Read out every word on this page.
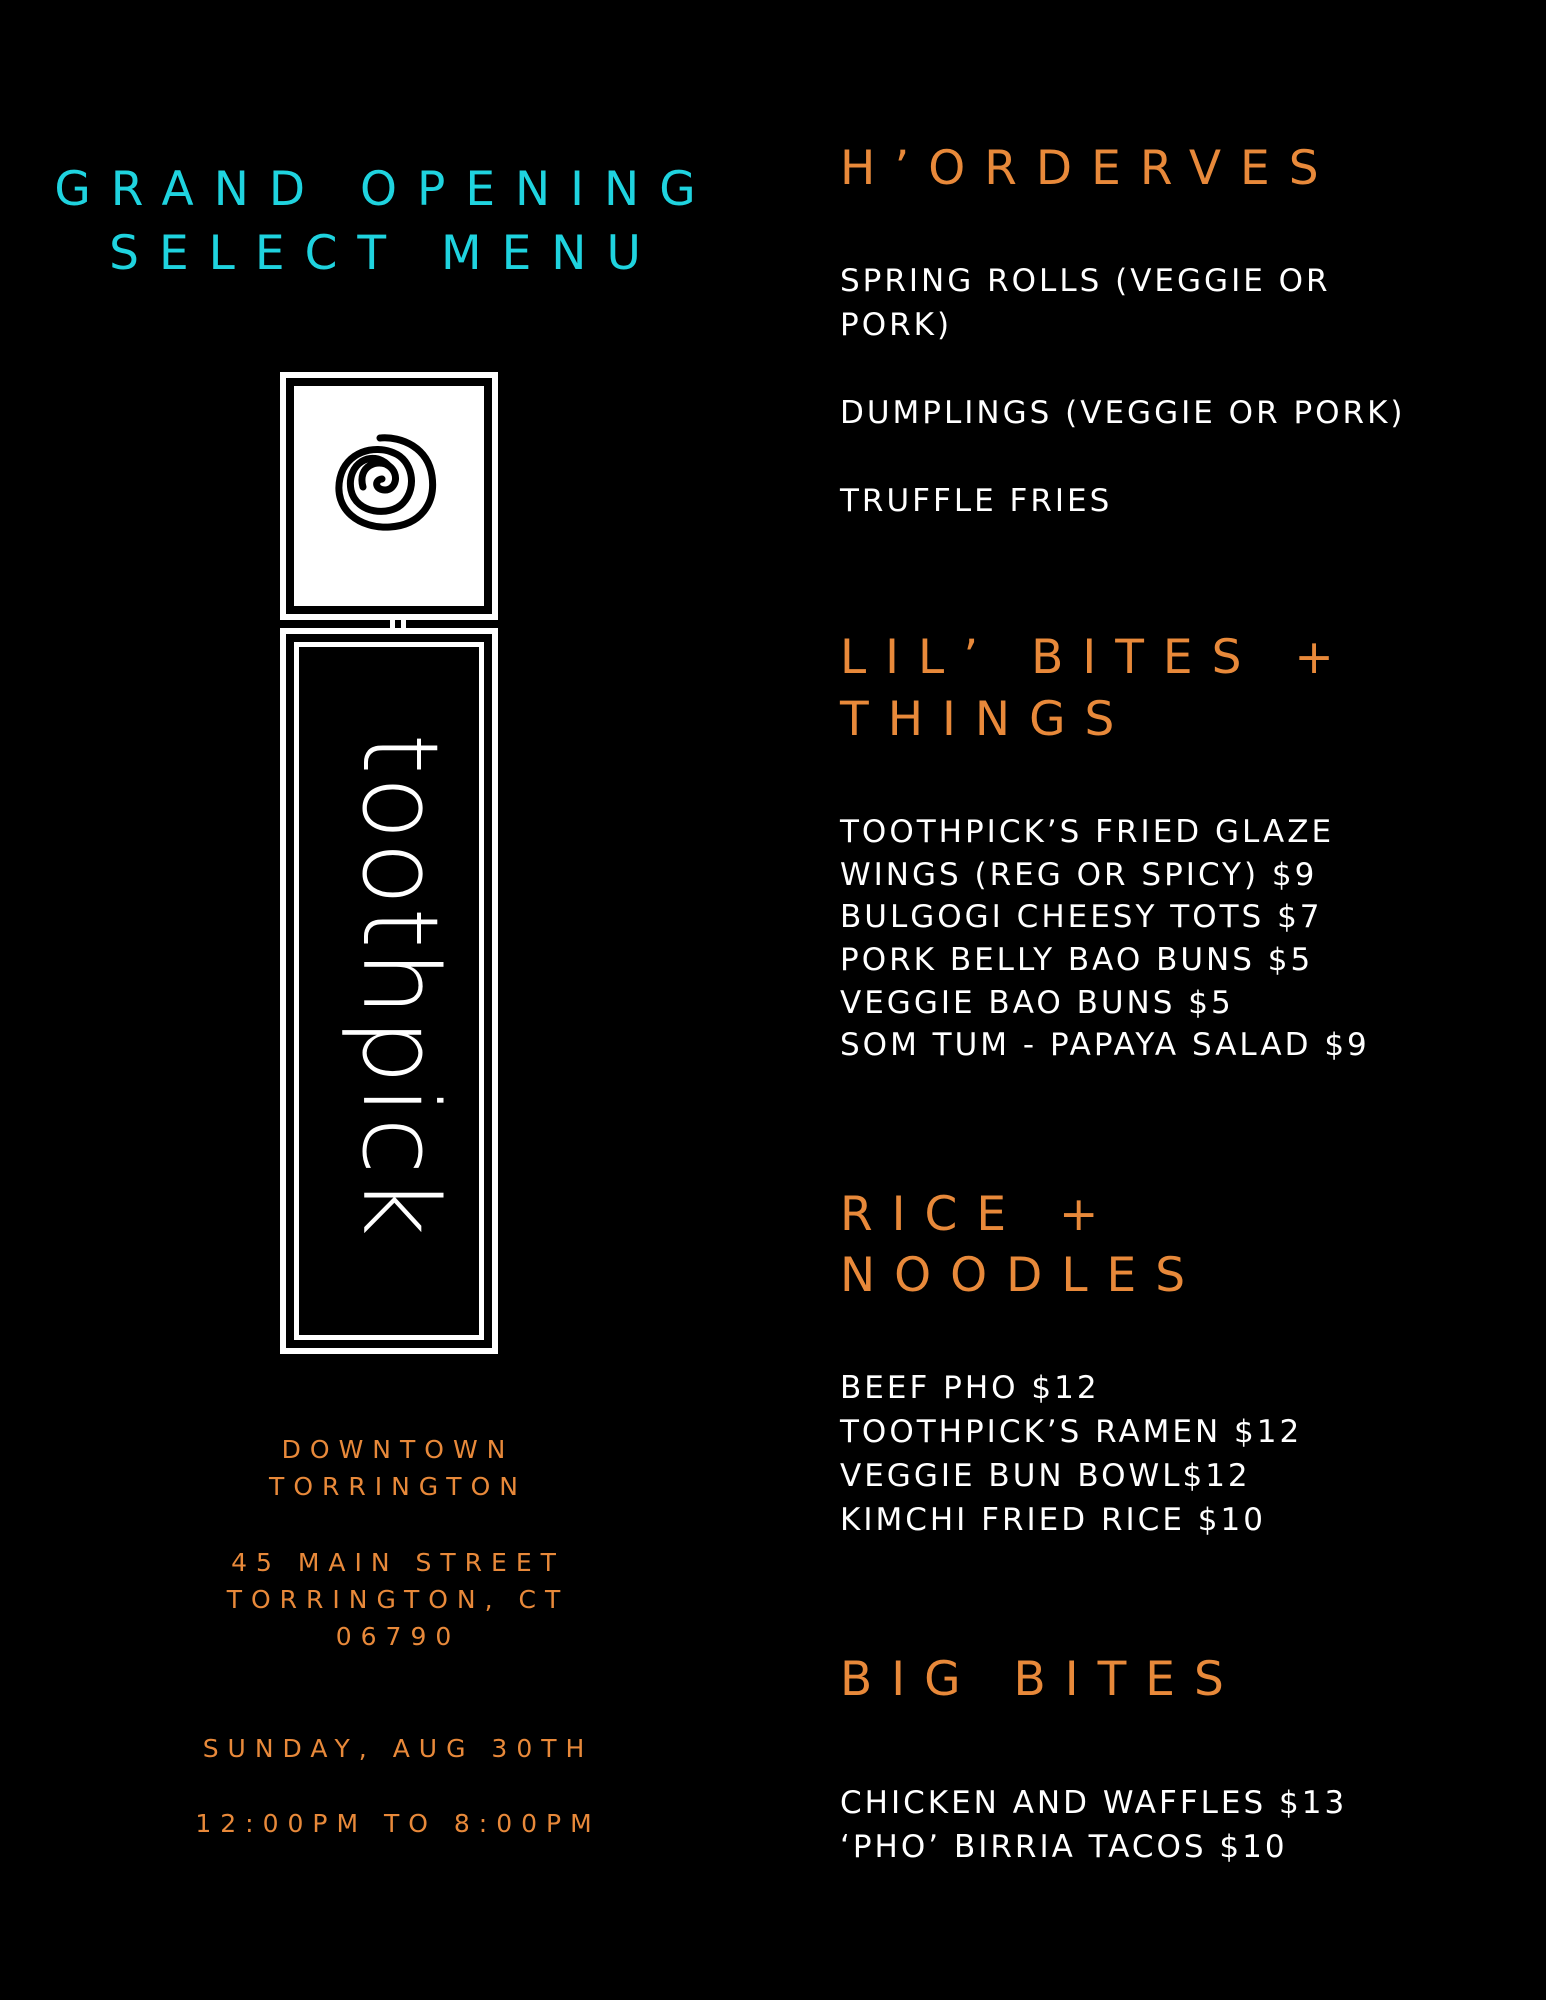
GRAND OPENING
SELECT MENU
toothpick
DOWNTOWN
TORRINGTON
45 MAIN STREET
TORRINGTON, CT
06790
SUNDAY, AUG 30TH
12:00PM TO 8:00PM
H’ORDERVES
SPRING ROLLS (VEGGIE OR
PORK)
DUMPLINGS (VEGGIE OR PORK)
TRUFFLE FRIES
LIL’ BITES +
THINGS
TOOTHPICK’S FRIED GLAZE
WINGS (REG OR SPICY) $9
BULGOGI CHEESY TOTS $7
PORK BELLY BAO BUNS $5
VEGGIE BAO BUNS $5
SOM TUM - PAPAYA SALAD $9
RICE +
NOODLES
BEEF PHO $12
TOOTHPICK’S RAMEN $12
VEGGIE BUN BOWL$12
KIMCHI FRIED RICE $10
BIG BITES
CHICKEN AND WAFFLES $13
‘PHO’ BIRRIA TACOS $10
